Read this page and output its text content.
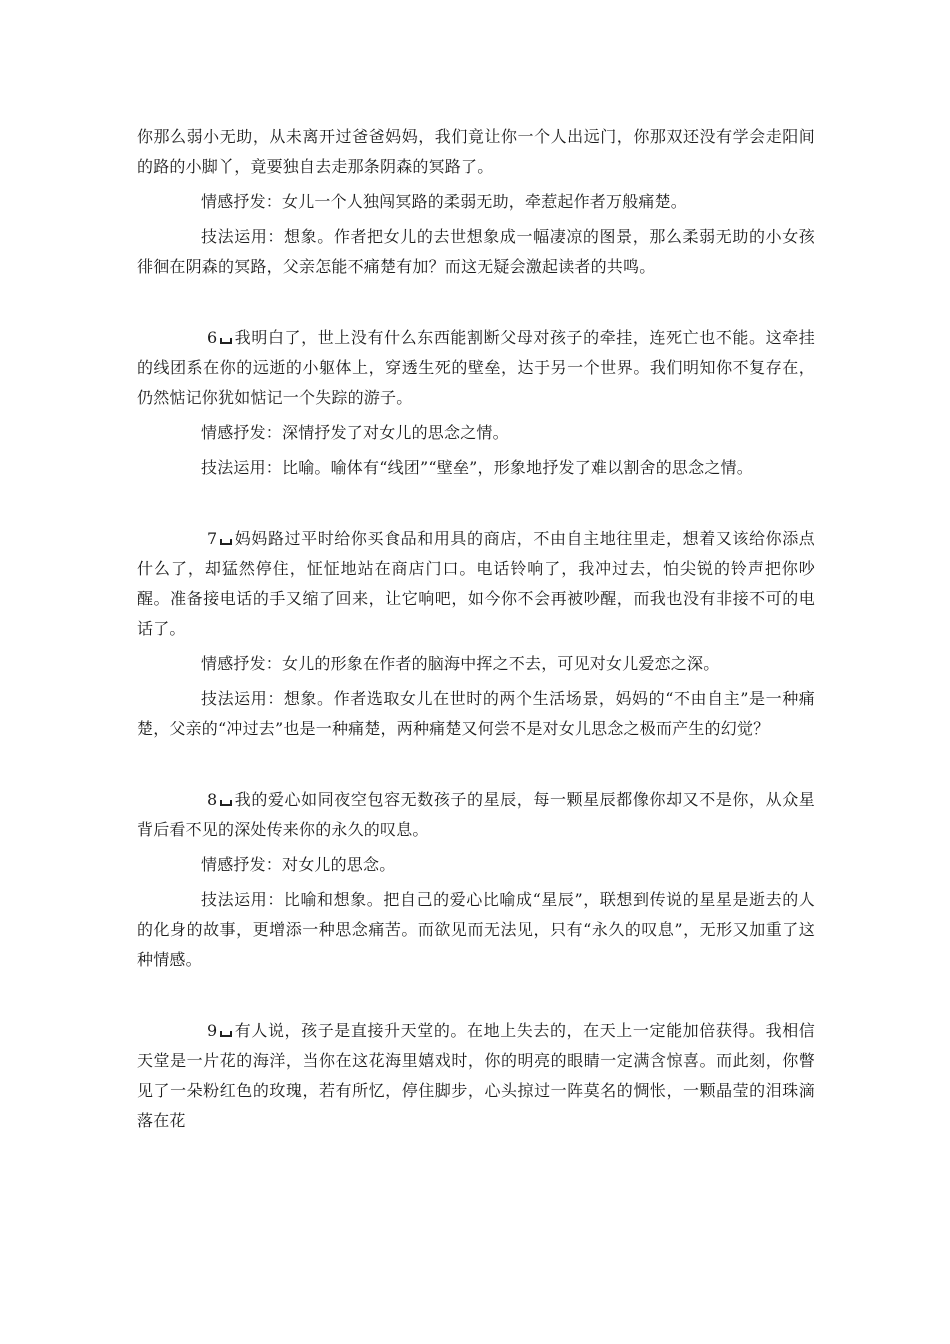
你那么弱小无助，从未离开过爸爸妈妈，我们竟让你一个人出远门，你那双还没有学会走阳间的路的小脚丫，竟要独自去走那条阴森的冥路了。

情感抒发：女儿一个人独闯冥路的柔弱无助，牵惹起作者万般痛楚。

技法运用：想象。作者把女儿的去世想象成一幅凄凉的图景，那么柔弱无助的小女孩徘徊在阴森的冥路，父亲怎能不痛楚有加？而这无疑会激起读者的共鸣。

6 我明白了，世上没有什么东西能割断父母对孩子的牵挂，连死亡也不能。这牵挂的线团系在你的远逝的小躯体上，穿透生死的壁垒，达于另一个世界。我们明知你不复存在，仍然惦记你犹如惦记一个失踪的游子。

情感抒发：深情抒发了对女儿的思念之情。

技法运用：比喻。喻体有“线团”“壁垒”，形象地抒发了难以割舍的思念之情。

7 妈妈路过平时给你买食品和用具的商店，不由自主地往里走，想着又该给你添点什么了，却猛然停住，怔怔地站在商店门口。电话铃响了，我冲过去，怕尖锐的铃声把你吵醒。准备接电话的手又缩了回来，让它响吧，如今你不会再被吵醒，而我也没有非接不可的电话了。

情感抒发：女儿的形象在作者的脑海中挥之不去，可见对女儿爱恋之深。

技法运用：想象。作者选取女儿在世时的两个生活场景，妈妈的“不由自主”是一种痛楚，父亲的“冲过去”也是一种痛楚，两种痛楚又何尝不是对女儿思念之极而产生的幻觉？

8 我的爱心如同夜空包容无数孩子的星辰，每一颗星辰都像你却又不是你，从众星背后看不见的深处传来你的永久的叹息。

情感抒发：对女儿的思念。

技法运用：比喻和想象。把自己的爱心比喻成“星辰”，联想到传说的星星是逝去的人的化身的故事，更增添一种思念痛苦。而欲见而无法见，只有“永久的叹息”，无形又加重了这种情感。

9 有人说，孩子是直接升天堂的。在地上失去的，在天上一定能加倍获得。我相信天堂是一片花的海洋，当你在这花海里嬉戏时，你的明亮的眼睛一定满含惊喜。而此刻，你瞥见了一朵粉红色的玫瑰，若有所忆，停住脚步，心头掠过一阵莫名的惆怅，一颗晶莹的泪珠滴落在花
